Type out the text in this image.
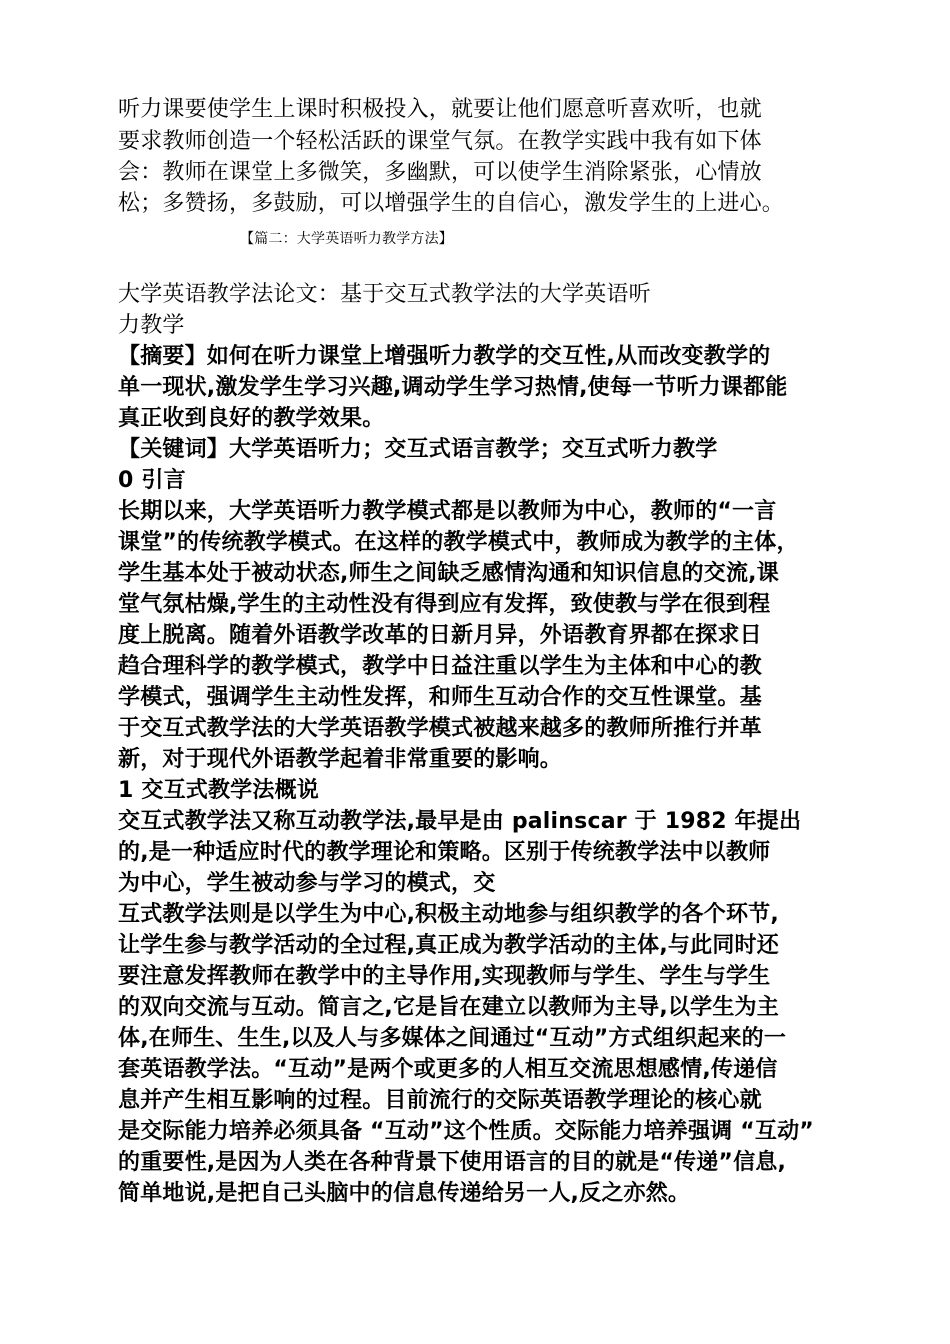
听力课要使学生上课时积极投入，就要让他们愿意听喜欢听，也就
要求教师创造一个轻松活跃的课堂气氛。在教学实践中我有如下体
会：教师在课堂上多微笑，多幽默，可以使学生消除紧张，心情放
松；多赞扬，多鼓励，可以增强学生的自信心，激发学生的上进心。
【篇二：大学英语听力教学方法】
大学英语教学法论文：基于交互式教学法的大学英语听
力教学
【摘要】如何在听力课堂上增强听力教学的交互性,从而改变教学的
单一现状,激发学生学习兴趣,调动学生学习热情,使每一节听力课都能
真正收到良好的教学效果。
【关键词】大学英语听力；交互式语言教学；交互式听力教学
0 引言
长期以来，大学英语听力教学模式都是以教师为中心，教师的“一言
课堂”的传统教学模式。在这样的教学模式中，教师成为教学的主体，
学生基本处于被动状态,师生之间缺乏感情沟通和知识信息的交流,课
堂气氛枯燥,学生的主动性没有得到应有发挥，致使教与学在很到程
度上脱离。随着外语教学改革的日新月异，外语教育界都在探求日
趋合理科学的教学模式，教学中日益注重以学生为主体和中心的教
学模式，强调学生主动性发挥，和师生互动合作的交互性课堂。基
于交互式教学法的大学英语教学模式被越来越多的教师所推行并革
新，对于现代外语教学起着非常重要的影响。
1 交互式教学法概说
交互式教学法又称互动教学法,最早是由 palinscar 于 1982 年提出
的,是一种适应时代的教学理论和策略。区别于传统教学法中以教师
为中心，学生被动参与学习的模式，交
互式教学法则是以学生为中心,积极主动地参与组织教学的各个环节,
让学生参与教学活动的全过程,真正成为教学活动的主体,与此同时还
要注意发挥教师在教学中的主导作用,实现教师与学生、学生与学生
的双向交流与互动。简言之,它是旨在建立以教师为主导,以学生为主
体,在师生、生生,以及人与多媒体之间通过“互动”方式组织起来的一
套英语教学法。“互动”是两个或更多的人相互交流思想感情,传递信
息并产生相互影响的过程。目前流行的交际英语教学理论的核心就
是交际能力培养必须具备 “互动”这个性质。交际能力培养强调 “互动”
的重要性,是因为人类在各种背景下使用语言的目的就是“传递”信息,
简单地说,是把自己头脑中的信息传递给另一人,反之亦然。
